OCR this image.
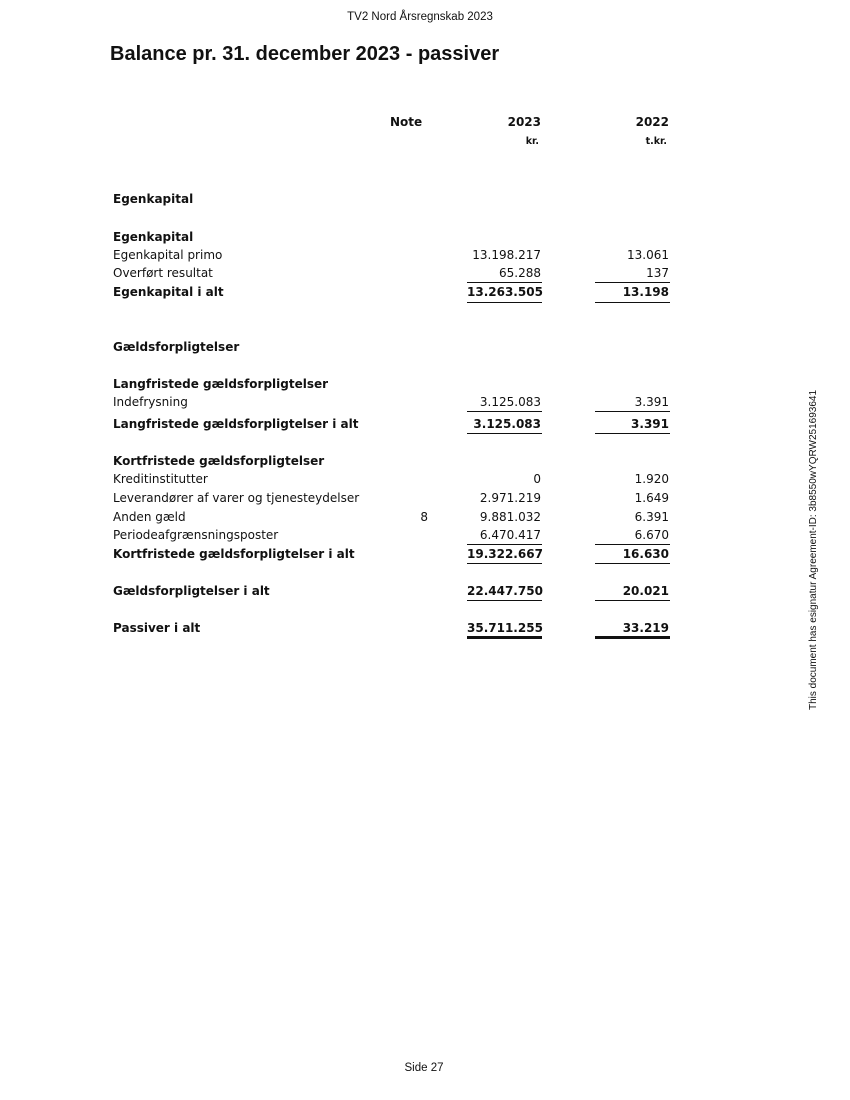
TV2 Nord Årsregnskab 2023
Balance pr. 31. december 2023 - passiver
Note	2023	2022
kr.	t.kr.
Egenkapital
Gældsforpligtelser
Egenkapital
Egenkapital primo	13.198.217	13.061
Overført resultat	65.288	137
Egenkapital i alt	13.263.505	13.198
Langfristede gældsforpligtelser
Indefrysning	3.125.083	3.391
Langfristede gældsforpligtelser i alt	3.125.083	3.391
Kortfristede gældsforpligtelser
Kreditinstitutter	0	1.920
Leverandører af varer og tjenesteydelser	2.971.219	1.649
Anden gæld	8	9.881.032	6.391
Periodeafgrænsningsposter	6.470.417	6.670
Kortfristede gældsforpligtelser i alt	19.322.667	16.630
Gældsforpligtelser i alt	22.447.750	20.021
Passiver i alt	35.711.255	33.219
Side 27
This document has esignatur Agreement-ID: 3b8550wYQRW251693641
